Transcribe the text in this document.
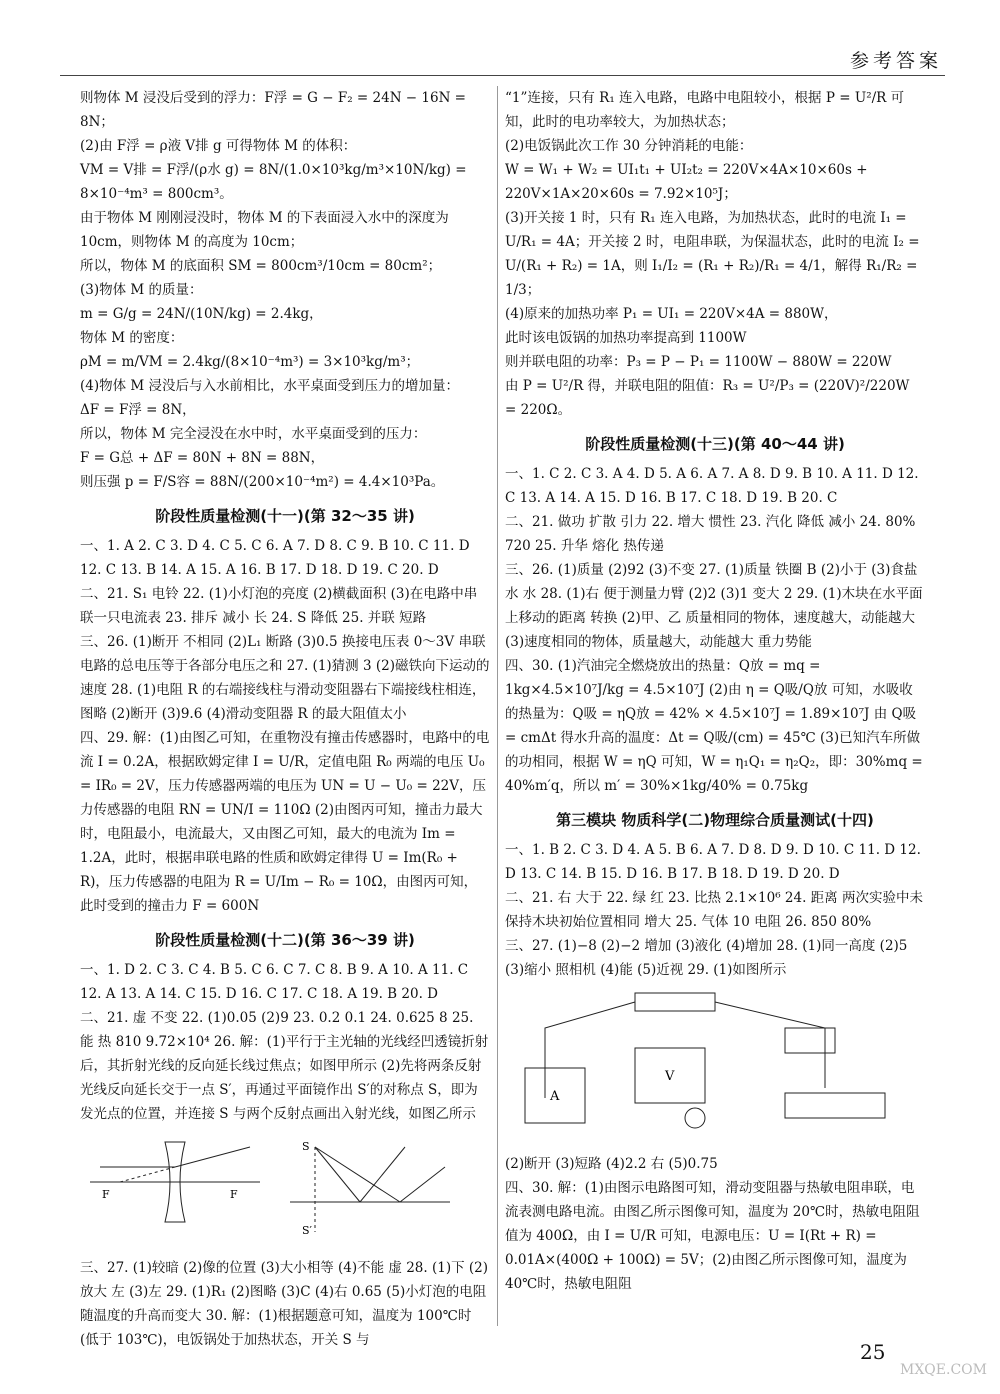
参考答案

则物体 M 浸没后受到的浮力：F浮 = G − F₂ = 24N − 16N = 8N；

(2)由 F浮 = ρ液 V排 g 可得物体 M 的体积：

VM = V排 = F浮/(ρ水 g) = 8N/(1.0×10³kg/m³×10N/kg) = 8×10⁻⁴m³ = 800cm³。

由于物体 M 刚刚浸没时，物体 M 的下表面浸入水中的深度为 10cm，则物体 M 的高度为 10cm；

所以，物体 M 的底面积 SM = 800cm³/10cm = 80cm²；

(3)物体 M 的质量：

m = G/g = 24N/(10N/kg) = 2.4kg，

物体 M 的密度：

ρM = m/VM = 2.4kg/(8×10⁻⁴m³) = 3×10³kg/m³；

(4)物体 M 浸没后与入水前相比，水平桌面受到压力的增加量：

ΔF = F浮 = 8N，

所以，物体 M 完全浸没在水中时，水平桌面受到的压力：

F = G总 + ΔF = 80N + 8N = 88N，

则压强 p = F/S容 = 88N/(200×10⁻⁴m²) = 4.4×10³Pa。

阶段性质量检测(十一)(第 32～35 讲)

一、1. A 2. C 3. D 4. C 5. C 6. A 7. D 8. C 9. B 10. C 11. D 12. C 13. B 14. A 15. A 16. B 17. D 18. D 19. C 20. D

二、21. S₁ 电铃 22. (1)小灯泡的亮度 (2)横截面积 (3)在电路中串联一只电流表 23. 排斥 减小 长 24. S 降低 25. 并联 短路

三、26. (1)断开 不相同 (2)L₁ 断路 (3)0.5 换接电压表 0～3V 串联电路的总电压等于各部分电压之和 27. (1)猜测 3 (2)磁铁向下运动的速度 28. (1)电阻 R 的右端接线柱与滑动变阻器右下端接线柱相连，图略 (2)断开 (3)9.6 (4)滑动变阻器 R 的最大阻值太小

四、29. 解：(1)由图乙可知，在重物没有撞击传感器时，电路中的电流 I = 0.2A，根据欧姆定律 I = U/R，定值电阻 R₀ 两端的电压 U₀ = IR₀ = 2V，压力传感器两端的电压为 UN = U − U₀ = 22V，压力传感器的电阻 RN = UN/I = 110Ω (2)由图丙可知，撞击力最大时，电阻最小，电流最大，又由图乙可知，最大的电流为 Im = 1.2A，此时，根据串联电路的性质和欧姆定律得 U = Im(R₀ + R)，压力传感器的电阻为 R = U/Im − R₀ = 10Ω，由图丙可知，此时受到的撞击力 F = 600N

阶段性质量检测(十二)(第 36～39 讲)

一、1. D 2. C 3. C 4. B 5. C 6. C 7. C 8. B 9. A 10. A 11. C 12. A 13. A 14. C 15. D 16. C 17. C 18. A 19. B 20. D

二、21. 虚 不变 22. (1)0.05 (2)9 23. 0.2 0.1 24. 0.625 8 25. 能 热 810 9.72×10⁴ 26. 解：(1)平行于主光轴的光线经凹透镜折射后，其折射光线的反向延长线过焦点；如图甲所示 (2)先将两条反射光线反向延长交于一点 S′，再通过平面镜作出 S′的对称点 S，即为发光点的位置，并连接 S 与两个反射点画出入射光线，如图乙所示

F	F
S
S′

三、27. (1)较暗 (2)像的位置 (3)大小相等 (4)不能 虚 28. (1)下 (2)放大 左 (3)左 29. (1)R₁ (2)图略 (3)C (4)右 0.65 (5)小灯泡的电阻随温度的升高而变大 30. 解：(1)根据题意可知，温度为 100℃时(低于 103℃)，电饭锅处于加热状态，开关 S 与

“1”连接，只有 R₁ 连入电路，电路中电阻较小，根据 P = U²/R 可知，此时的电功率较大，为加热状态；

(2)电饭锅此次工作 30 分钟消耗的电能：

W = W₁ + W₂ = UI₁t₁ + UI₂t₂ = 220V×4A×10×60s + 220V×1A×20×60s = 7.92×10⁵J；

(3)开关接 1 时，只有 R₁ 连入电路，为加热状态，此时的电流 I₁ = U/R₁ = 4A；开关接 2 时，电阻串联，为保温状态，此时的电流 I₂ = U/(R₁ + R₂) = 1A，则 I₁/I₂ = (R₁ + R₂)/R₁ = 4/1，解得 R₁/R₂ = 1/3；

(4)原来的加热功率 P₁ = UI₁ = 220V×4A = 880W，

此时该电饭锅的加热功率提高到 1100W

则并联电阻的功率：P₃ = P − P₁ = 1100W − 880W = 220W

由 P = U²/R 得，并联电阻的阻值：R₃ = U²/P₃ = (220V)²/220W = 220Ω。

阶段性质量检测(十三)(第 40～44 讲)

一、1. C 2. C 3. A 4. D 5. A 6. A 7. A 8. D 9. B 10. A 11. D 12. C 13. A 14. A 15. D 16. B 17. C 18. D 19. B 20. C

二、21. 做功 扩散 引力 22. 增大 惯性 23. 汽化 降低 减小 24. 80% 720 25. 升华 熔化 热传递

三、26. (1)质量 (2)92 (3)不变 27. (1)质量 铁圈 B (2)小于 (3)食盐水 水 28. (1)右 便于测量力臂 (2)2 (3)1 变大 2 29. (1)木块在水平面上移动的距离 转换 (2)甲、乙 质量相同的物体，速度越大，动能越大 (3)速度相同的物体，质量越大，动能越大 重力势能

四、30. (1)汽油完全燃烧放出的热量：Q放 = mq = 1kg×4.5×10⁷J/kg = 4.5×10⁷J (2)由 η = Q吸/Q放 可知，水吸收的热量为：Q吸 = ηQ放 = 42% × 4.5×10⁷J = 1.89×10⁷J 由 Q吸 = cmΔt 得水升高的温度：Δt = Q吸/(cm) = 45℃ (3)已知汽车所做的功相同，根据 W = ηQ 可知，W = η₁Q₁ = η₂Q₂，即：30%mq = 40%m′q，所以 m′ = 30%×1kg/40% = 0.75kg

第三模块 物质科学(二)物理综合质量测试(十四)

一、1. B 2. C 3. D 4. A 5. B 6. A 7. D 8. D 9. D 10. C 11. D 12. D 13. C 14. B 15. D 16. B 17. B 18. D 19. D 20. D

二、21. 右 大于 22. 绿 红 23. 比热 2.1×10⁶ 24. 距离 两次实验中未保持木块初始位置相同 增大 25. 气体 10 电阻 26. 850 80%

三、27. (1)−8 (2)−2 增加 (3)液化 (4)增加 28. (1)同一高度 (2)5 (3)缩小 照相机 (4)能 (5)近视 29. (1)如图所示

A
V

(2)断开 (3)短路 (4)2.2 右 (5)0.75

四、30. 解：(1)由图示电路图可知，滑动变阻器与热敏电阻串联，电流表测电路电流。由图乙所示图像可知，温度为 20℃时，热敏电阻阻值为 400Ω，由 I = U/R 可知，电源电压：U = I(Rt + R) = 0.01A×(400Ω + 100Ω) = 5V；(2)由图乙所示图像可知，温度为 40℃时，热敏电阻阻

25
MXQE.COM
